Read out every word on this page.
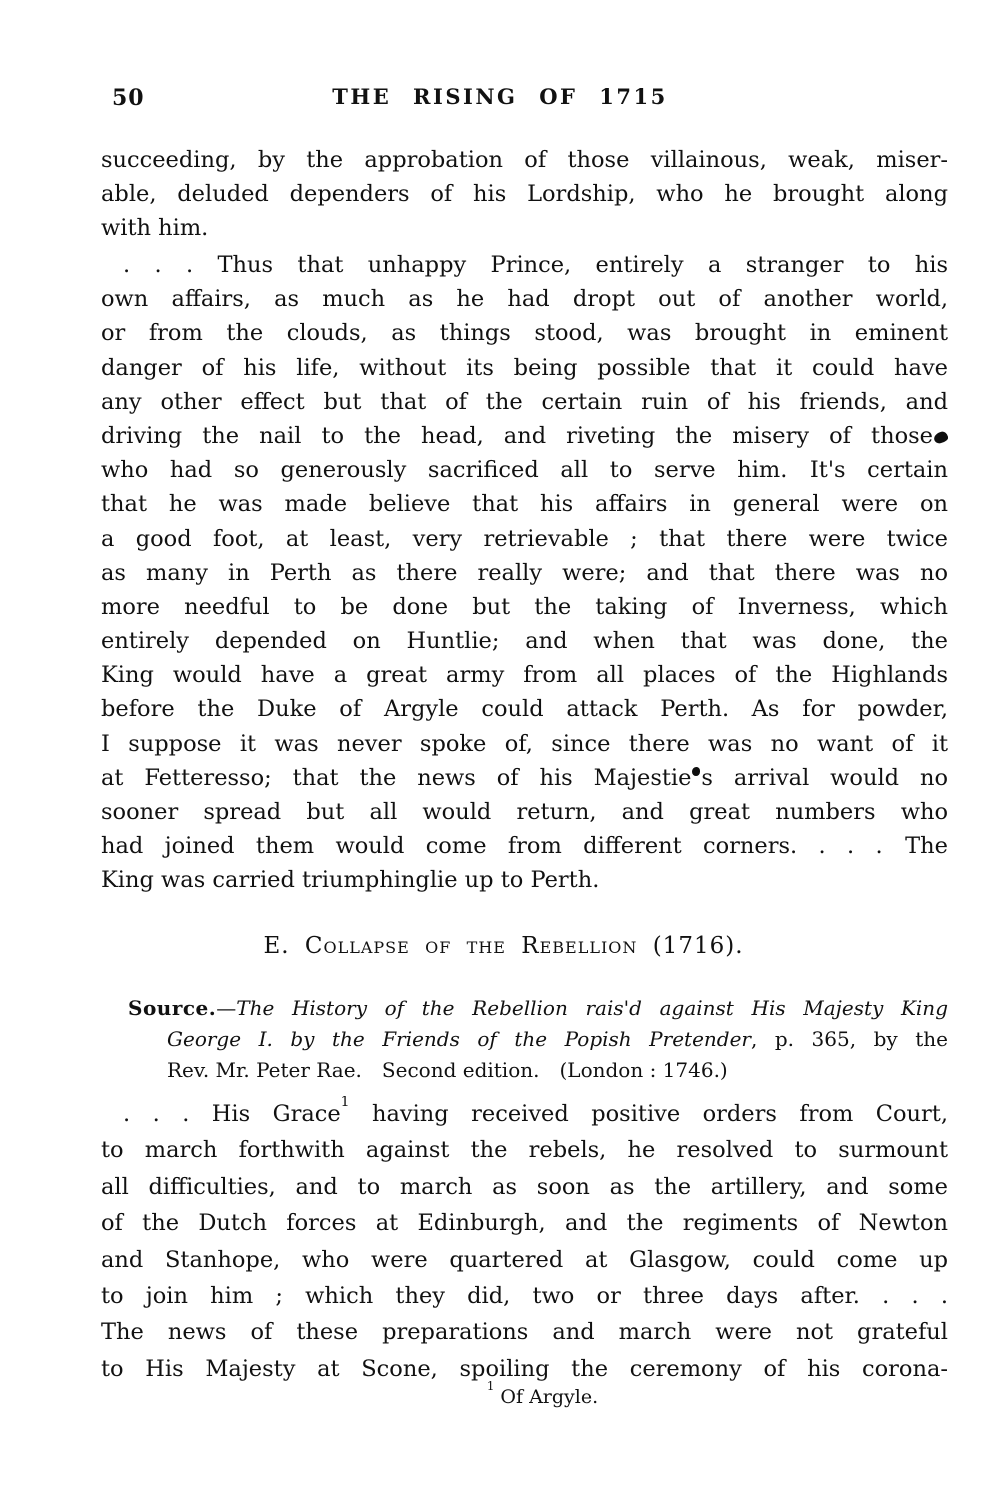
50	THE RISING OF 1715
succeeding, by the approbation of those villainous, weak, miser-
able, deluded dependers of his Lordship, who he brought along
with him.
. . . Thus that unhappy Prince, entirely a stranger to his
own affairs, as much as he had dropt out of another world,
or from the clouds, as things stood, was brought in eminent
danger of his life, without its being possible that it could have
any other effect but that of the certain ruin of his friends, and
driving the nail to the head, and riveting the misery of those
who had so generously sacrificed all to serve him. It's certain
that he was made believe that his affairs in general were on
a good foot, at least, very retrievable ; that there were twice
as many in Perth as there really were; and that there was no
more needful to be done but the taking of Inverness, which
entirely depended on Huntlie; and when that was done, the
King would have a great army from all places of the Highlands
before the Duke of Argyle could attack Perth. As for powder,
I suppose it was never spoke of, since there was no want of it
at Fetteresso; that the news of his Majestie s arrival would no
sooner spread but all would return, and great numbers who
had joined them would come from different corners. . . . The
King was carried triumphinglie up to Perth.
E. Collapse of the Rebellion (1716).
Source.—The History of the Rebellion rais'd against His Majesty King
George I. by the Friends of the Popish Pretender, p. 365, by the
Rev. Mr. Peter Rae. Second edition. (London : 1746.)
. . . His Grace$^1$ having received positive orders from Court,
to march forthwith against the rebels, he resolved to surmount
all difficulties, and to march as soon as the artillery, and some
of the Dutch forces at Edinburgh, and the regiments of Newton
and Stanhope, who were quartered at Glasgow, could come up
to join him ; which they did, two or three days after. . . .
The news of these preparations and march were not grateful
to His Majesty at Scone, spoiling the ceremony of his corona-
$^1$ Of Argyle.
